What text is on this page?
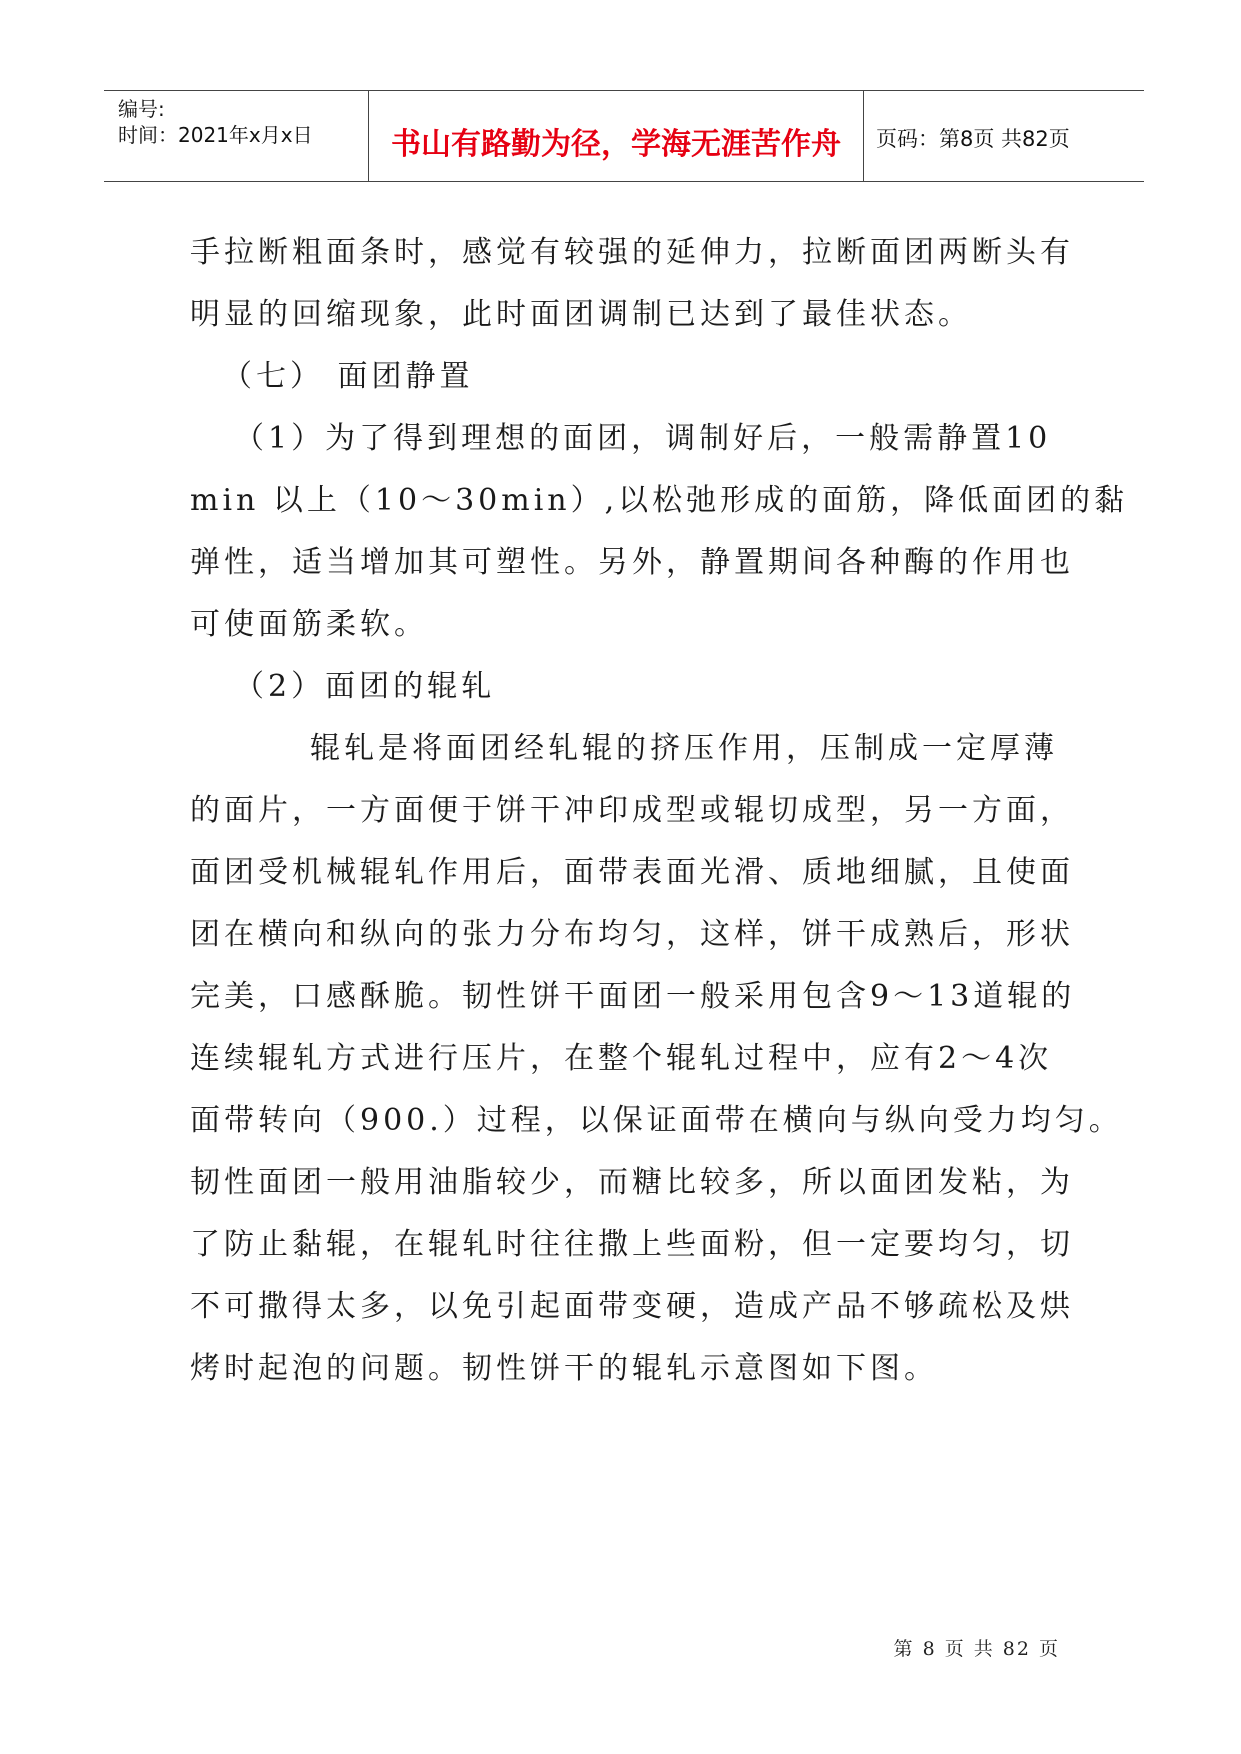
编号:
时间：2021年x月x日	书山有路勤为径，学海无涯苦作舟	页码：第8页 共82页
手拉断粗面条时，感觉有较强的延伸力，拉断面团两断头有
明显的回缩现象，此时面团调制已达到了最佳状态。
（七） 面团静置
（1）为了得到理想的面团，调制好后，一般需静置10
min 以上（10～30min）,以松弛形成的面筋，降低面团的黏
弹性，适当增加其可塑性。另外，静置期间各种酶的作用也
可使面筋柔软。
（2）面团的辊轧
辊轧是将面团经轧辊的挤压作用，压制成一定厚薄
的面片，一方面便于饼干冲印成型或辊切成型，另一方面，
面团受机械辊轧作用后，面带表面光滑、质地细腻，且使面
团在横向和纵向的张力分布均匀，这样，饼干成熟后，形状
完美，口感酥脆。韧性饼干面团一般采用包含9～13道辊的
连续辊轧方式进行压片，在整个辊轧过程中，应有2～4次
面带转向（900.）过程，以保证面带在横向与纵向受力均匀。
韧性面团一般用油脂较少，而糖比较多，所以面团发粘，为
了防止黏辊，在辊轧时往往撒上些面粉，但一定要均匀，切
不可撒得太多，以免引起面带变硬，造成产品不够疏松及烘
烤时起泡的问题。韧性饼干的辊轧示意图如下图。
第 8 页 共 82 页
